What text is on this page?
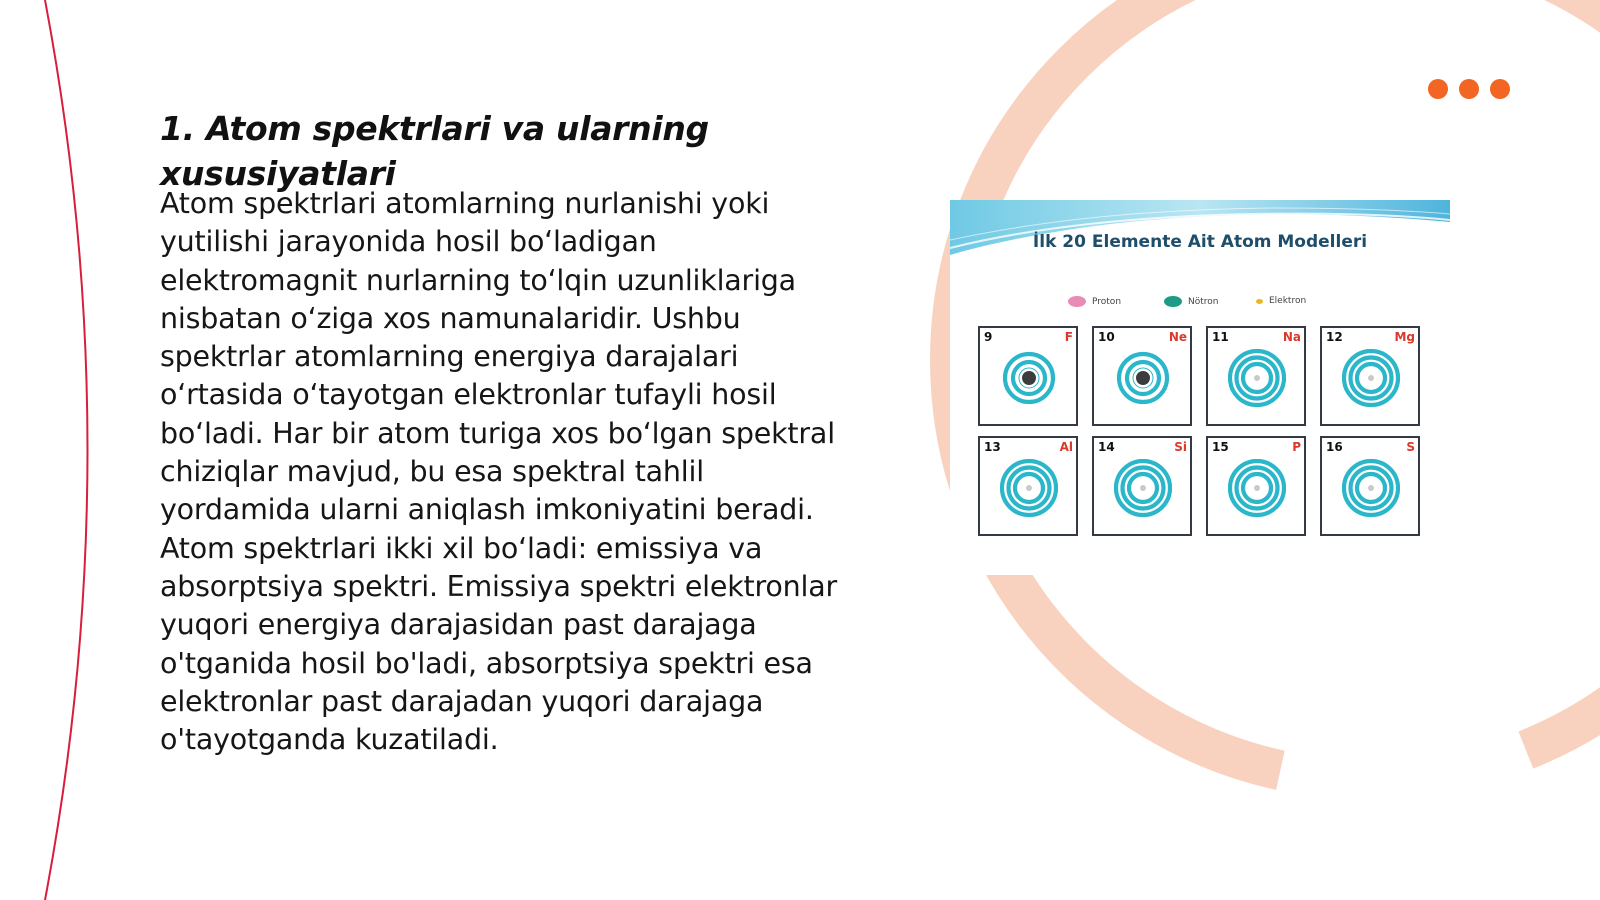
1. Atom spektrlari va ularning xususiyatlari

Atom spektrlari atomlarning nurlanishi yoki yutilishi jarayonida hosil bo‘ladigan elektromagnit nurlarning to‘lqin uzunliklariga nisbatan o‘ziga xos namunalaridir. Ushbu spektrlar atomlarning energiya darajalari o‘rtasida o‘tayotgan elektronlar tufayli hosil bo‘ladi. Har bir atom turiga xos bo‘lgan spektral chiziqlar mavjud, bu esa spektral tahlil yordamida ularni aniqlash imkoniyatini beradi. Atom spektrlari ikki xil bo‘ladi: emissiya va absorptsiya spektri. Emissiya spektri elektronlar yuqori energiya darajasidan past darajaga o'tganida hosil bo'ladi, absorptsiya spektri esa elektronlar past darajadan yuqori darajaga o'tayotganda kuzatiladi.

İlk 20 Elemente Ait Atom Modelleri
Proton	Nötron	Elektron
9	F 10	Ne 11	Na 12	Mg
13	Al 14	Si 15	P 16	S
